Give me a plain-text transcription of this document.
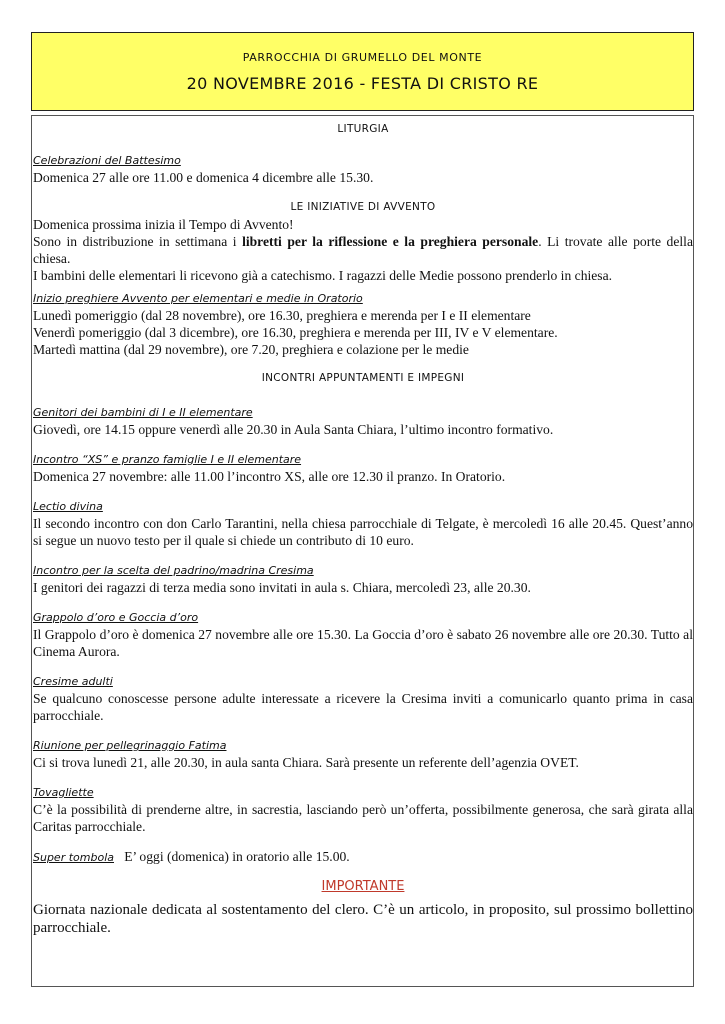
PARROCCHIA DI GRUMELLO DEL MONTE
20 NOVEMBRE 2016 - FESTA DI CRISTO RE
LITURGIA
Celebrazioni del Battesimo

Domenica 27 alle ore 11.00 e domenica 4 dicembre alle 15.30.

LE INIZIATIVE DI AVVENTO

Domenica prossima inizia il Tempo di Avvento!

Sono in distribuzione in settimana i libretti per la riflessione e la preghiera personale. Li trovate alle porte della chiesa.

I bambini delle elementari li ricevono già a catechismo. I ragazzi delle Medie possono prenderlo in chiesa.

Inizio preghiere Avvento per elementari e medie in Oratorio

Lunedì pomeriggio (dal 28 novembre), ore 16.30, preghiera e merenda per I e II elementare

Venerdì pomeriggio (dal 3 dicembre), ore 16.30, preghiera e merenda per III, IV e V elementare.

Martedì mattina (dal 29 novembre), ore 7.20, preghiera e colazione per le medie

INCONTRI APPUNTAMENTI E IMPEGNI
Genitori dei bambini di I e II elementare

Giovedì, ore 14.15 oppure venerdì alle 20.30 in Aula Santa Chiara, l’ultimo incontro formativo.

Incontro “XS” e pranzo famiglie I e II elementare

Domenica 27 novembre: alle 11.00 l’incontro XS, alle ore 12.30 il pranzo. In Oratorio.

Lectio divina

Il secondo incontro con don Carlo Tarantini, nella chiesa parrocchiale di Telgate, è mercoledì 16 alle 20.45. Quest’anno si segue un nuovo testo per il quale si chiede un contributo di 10 euro.

Incontro per la scelta del padrino/madrina Cresima

I genitori dei ragazzi di terza media sono invitati in aula s. Chiara, mercoledì 23, alle 20.30.

Grappolo d’oro e Goccia d’oro

Il Grappolo d’oro è domenica 27 novembre alle ore 15.30. La Goccia d’oro è sabato 26 novembre alle ore 20.30. Tutto al Cinema Aurora.

Cresime adulti

Se qualcuno conoscesse persone adulte interessate a ricevere la Cresima inviti a comunicarlo quanto prima in casa parrocchiale.

Riunione per pellegrinaggio Fatima

Ci si trova lunedì 21, alle 20.30, in aula santa Chiara. Sarà presente un referente dell’agenzia OVET.

Tovagliette

C’è la possibilità di prenderne altre, in sacrestia, lasciando però un’offerta, possibilmente generosa, che sarà girata alla Caritas parrocchiale.

Super tombola E’ oggi (domenica) in oratorio alle 15.00.

IMPORTANTE

Giornata nazionale dedicata al sostentamento del clero. C’è un articolo, in proposito, sul prossimo bollettino parrocchiale.
